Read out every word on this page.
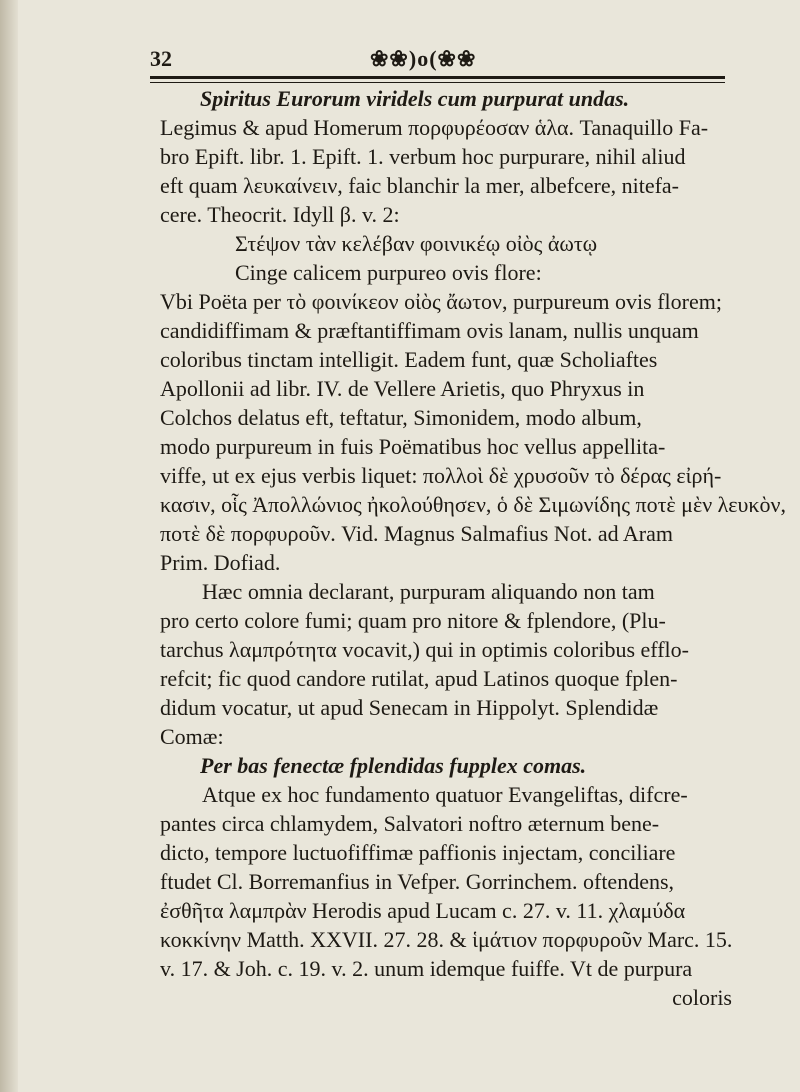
32	❀❀)o(❀❀
Spiritus Eurorum viridels cum purpurat undas.
Legimus & apud Homerum πορφυρέοσαν ἁλα. Tanaquillo Fa-
bro Epift. libr. 1. Epift. 1. verbum hoc purpurare, nihil aliud
eft quam λευκαίνειν, faic blanchir la mer, albefcere, nitefa-
cere. Theocrit. Idyll β. v. 2:
Στέψον τὰν κελέβαν φοινικέῳ οἰὸς ἀωτῳ
Cinge calicem purpureo ovis flore:
Vbi Poëta per τὸ φοινίκεον οἰὸς ἄωτον, purpureum ovis florem;
candidiffimam & præftantiffimam ovis lanam, nullis unquam
coloribus tinctam intelligit. Eadem funt, quæ Scholiaftes
Apollonii ad libr. IV. de Vellere Arietis, quo Phryxus in
Colchos delatus eft, teftatur, Simonidem, modo album,
modo purpureum in fuis Poëmatibus hoc vellus appellita-
viffe, ut ex ejus verbis liquet: πολλοὶ δὲ χρυσοῦν τὸ δέρας εἰρή-
κασιν, οἷς Ἀπολλώνιος ἠκολούθησεν, ὁ δὲ Σιμωνίδης ποτὲ μὲν λευκὸν,
ποτὲ δὲ πορφυροῦν. Vid. Magnus Salmafius Not. ad Aram
Prim. Dofiad.
Hæc omnia declarant, purpuram aliquando non tam
pro certo colore fumi; quam pro nitore & fplendore, (Plu-
tarchus λαμπρότητα vocavit,) qui in optimis coloribus efflo-
refcit; fic quod candore rutilat, apud Latinos quoque fplen-
didum vocatur, ut apud Senecam in Hippolyt. Splendidæ
Comæ:
Per bas fenectæ fplendidas fupplex comas.
Atque ex hoc fundamento quatuor Evangeliftas, difcre-
pantes circa chlamydem, Salvatori noftro æternum bene-
dicto, tempore luctuofiffimæ paffionis injectam, conciliare
ftudet Cl. Borremanfius in Vefper. Gorrinchem. oftendens,
ἐσθῆτα λαμπρὰν Herodis apud Lucam c. 27. v. 11. χλαμύδα
κοκκίνην Matth. XXVII. 27. 28. & ἱμάτιον πορφυροῦν Marc. 15.
v. 17. & Joh. c. 19. v. 2. unum idemque fuiffe. Vt de purpura
coloris
